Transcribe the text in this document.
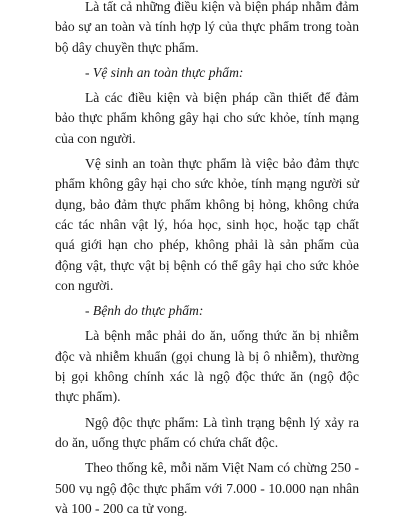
Là tất cả những điều kiện và biện pháp nhằm đảm bảo sự an toàn và tính hợp lý của thực phẩm trong toàn bộ dây chuyền thực phẩm.

- Vệ sinh an toàn thực phẩm:

Là các điều kiện và biện pháp cần thiết để đảm bảo thực phẩm không gây hại cho sức khỏe, tính mạng của con người.

Vệ sinh an toàn thực phẩm là việc bảo đảm thực phẩm không gây hại cho sức khỏe, tính mạng người sử dụng, bảo đảm thực phẩm không bị hỏng, không chứa các tác nhân vật lý, hóa học, sinh học, hoặc tạp chất quá giới hạn cho phép, không phải là sản phẩm của động vật, thực vật bị bệnh có thể gây hại cho sức khỏe con người.

- Bệnh do thực phẩm:

Là bệnh mắc phải do ăn, uống thức ăn bị nhiễm độc và nhiễm khuẩn (gọi chung là bị ô nhiễm), thường bị gọi không chính xác là ngộ độc thức ăn (ngộ độc thực phẩm).

Ngộ độc thực phẩm: Là tình trạng bệnh lý xảy ra do ăn, uống thực phẩm có chứa chất độc.

Theo thống kê, mỗi năm Việt Nam có chừng 250 - 500 vụ ngộ độc thực phẩm với 7.000 - 10.000 nạn nhân và 100 - 200 ca tử vong.
